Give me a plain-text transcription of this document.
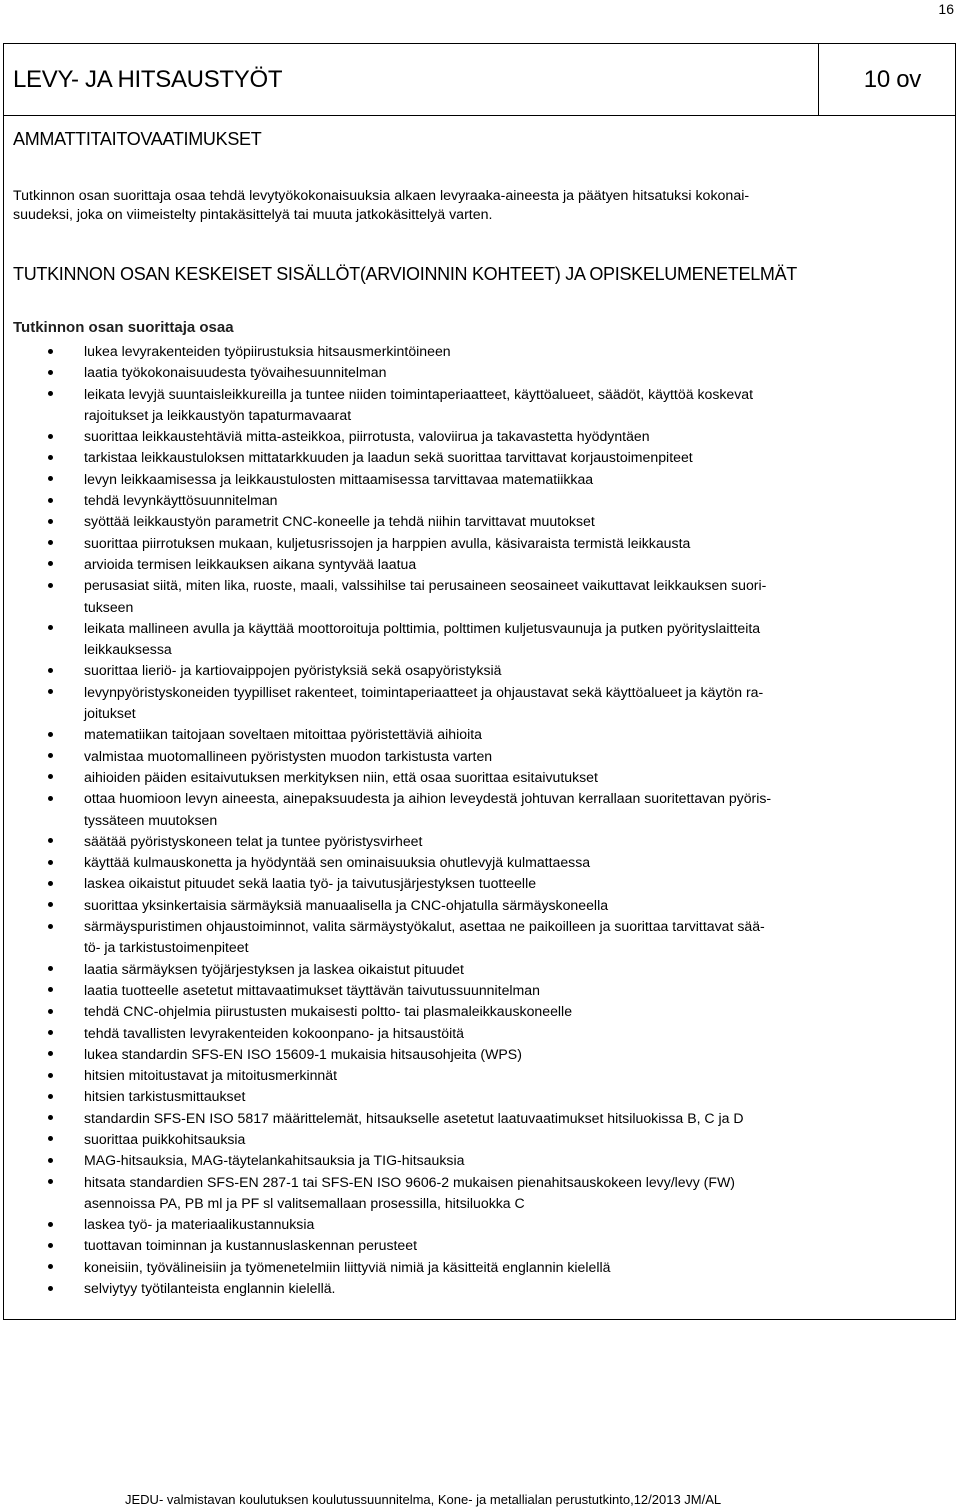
16
LEVY- JA HITSAUSTYÖT	10 ov
AMMATTITAITOVAATIMUKSET

Tutkinnon osan suorittaja osaa tehdä levytyökokonaisuuksia alkaen levyraaka-aineesta ja päätyen hitsatuksi kokonai-
suudeksi, joka on viimeistelty pintakäsittelyä tai muuta jatkokäsittelyä varten.

TUTKINNON OSAN KESKEISET SISÄLLÖT(ARVIOINNIN KOHTEET) JA OPISKELUMENETELMÄT
Tutkinnon osan suorittaja osaa
lukea levyrakenteiden työpiirustuksia hitsausmerkintöineen
laatia työkokonaisuudesta työvaihesuunnitelman
leikata levyjä suuntaisleikkureilla ja tuntee niiden toimintaperiaatteet, käyttöalueet, säädöt, käyttöä koskevat
rajoitukset ja leikkaustyön tapaturmavaarat
suorittaa leikkaustehtäviä mitta-asteikkoa, piirrotusta, valoviirua ja takavastetta hyödyntäen
tarkistaa leikkaustuloksen mittatarkkuuden ja laadun sekä suorittaa tarvittavat korjaustoimenpiteet
levyn leikkaamisessa ja leikkaustulosten mittaamisessa tarvittavaa matematiikkaa
tehdä levynkäyttösuunnitelman
syöttää leikkaustyön parametrit CNC-koneelle ja tehdä niihin tarvittavat muutokset
suorittaa piirrotuksen mukaan, kuljetusrissojen ja harppien avulla, käsivaraista termistä leikkausta
arvioida termisen leikkauksen aikana syntyvää laatua
perusasiat siitä, miten lika, ruoste, maali, valssihilse tai perusaineen seosaineet vaikuttavat leikkauksen suori-
tukseen
leikata mallineen avulla ja käyttää moottoroituja polttimia, polttimen kuljetusvaunuja ja putken pyörityslaitteita
leikkauksessa
suorittaa lieriö- ja kartiovaippojen pyöristyksiä sekä osapyöristyksiä
levynpyöristyskoneiden tyypilliset rakenteet, toimintaperiaatteet ja ohjaustavat sekä käyttöalueet ja käytön ra-
joitukset
matematiikan taitojaan soveltaen mitoittaa pyöristettäviä aihioita
valmistaa muotomallineen pyöristysten muodon tarkistusta varten
aihioiden päiden esitaivutuksen merkityksen niin, että osaa suorittaa esitaivutukset
ottaa huomioon levyn aineesta, ainepaksuudesta ja aihion leveydestä johtuvan kerrallaan suoritettavan pyöris-
tyssäteen muutoksen
säätää pyöristyskoneen telat ja tuntee pyöristysvirheet
käyttää kulmauskonetta ja hyödyntää sen ominaisuuksia ohutlevyjä kulmattaessa
laskea oikaistut pituudet sekä laatia työ- ja taivutusjärjestyksen tuotteelle
suorittaa yksinkertaisia särmäyksiä manuaalisella ja CNC-ohjatulla särmäyskoneella
särmäyspuristimen ohjaustoiminnot, valita särmäystyökalut, asettaa ne paikoilleen ja suorittaa tarvittavat sää-
tö- ja tarkistustoimenpiteet
laatia särmäyksen työjärjestyksen ja laskea oikaistut pituudet
laatia tuotteelle asetetut mittavaatimukset täyttävän taivutussuunnitelman
tehdä CNC-ohjelmia piirustusten mukaisesti poltto- tai plasmaleikkauskoneelle
tehdä tavallisten levyrakenteiden kokoonpano- ja hitsaustöitä
lukea standardin SFS-EN ISO 15609-1 mukaisia hitsausohjeita (WPS)
hitsien mitoitustavat ja mitoitusmerkinnät
hitsien tarkistusmittaukset
standardin SFS-EN ISO 5817 määrittelemät, hitsaukselle asetetut laatuvaatimukset hitsiluokissa B, C ja D
suorittaa puikkohitsauksia
MAG-hitsauksia, MAG-täytelankahitsauksia ja TIG-hitsauksia
hitsata standardien SFS-EN 287-1 tai SFS-EN ISO 9606-2 mukaisen pienahitsauskokeen levy/levy (FW)
asennoissa PA, PB ml ja PF sl valitsemallaan prosessilla, hitsiluokka C
laskea työ- ja materiaalikustannuksia
tuottavan toiminnan ja kustannuslaskennan perusteet
koneisiin, työvälineisiin ja työmenetelmiin liittyviä nimiä ja käsitteitä englannin kielellä
selviytyy työtilanteista englannin kielellä.
JEDU- valmistavan koulutuksen koulutussuunnitelma, Kone- ja metallialan perustutkinto,12/2013 JM/AL
